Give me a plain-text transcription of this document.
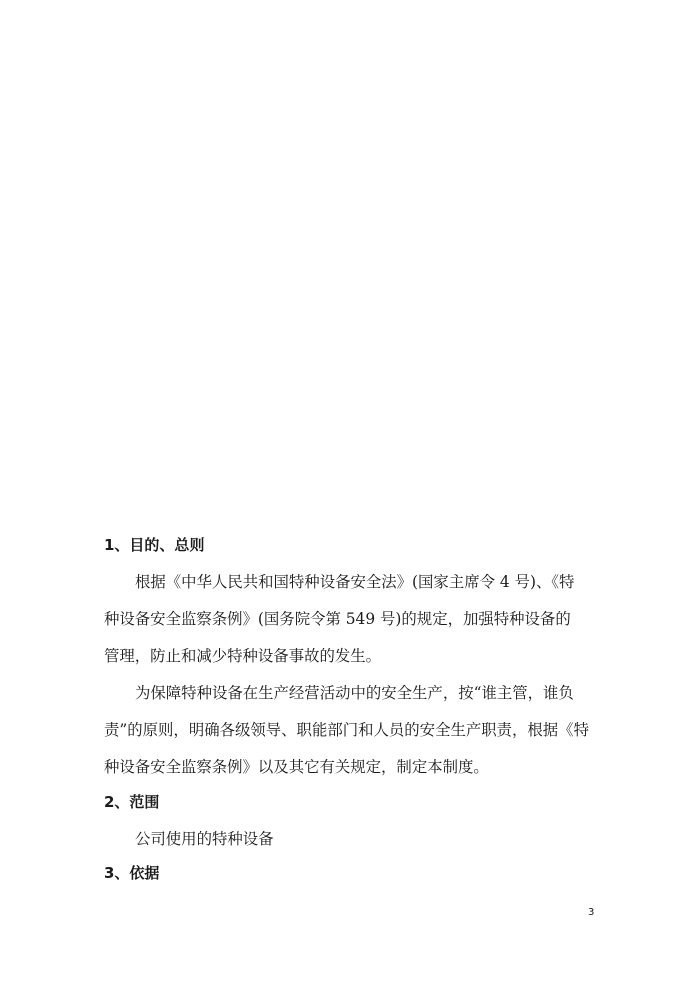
1、目的、总则

根据《中华人民共和国特种设备安全法》(国家主席令 4 号)、《特
种设备安全监察条例》(国务院令第 549 号)的规定，加强特种设备的
管理，防止和减少特种设备事故的发生。

为保障特种设备在生产经营活动中的安全生产，按“谁主管，谁负
责”的原则，明确各级领导、职能部门和人员的安全生产职责，根据《特
种设备安全监察条例》以及其它有关规定，制定本制度。

2、范围

公司使用的特种设备

3、依据
3
